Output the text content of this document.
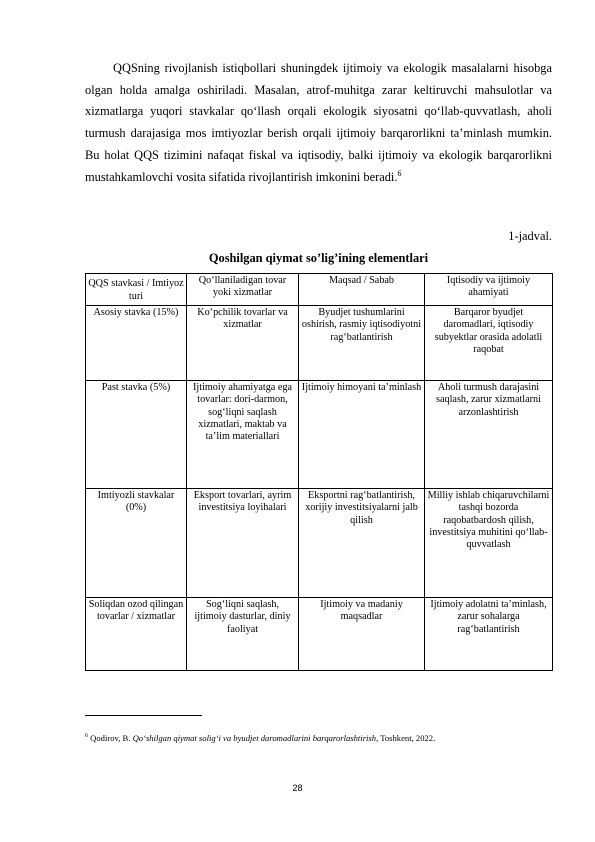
QQSning rivojlanish istiqbollari shuningdek ijtimoiy va ekologik masalalarni hisobga olgan holda amalga oshiriladi. Masalan, atrof-muhitga zarar keltiruvchi mahsulotlar va xizmatlarga yuqori stavkalar qo‘llash orqali ekologik siyosatni qo‘llab-quvvatlash, aholi turmush darajasiga mos imtiyozlar berish orqali ijtimoiy barqarorlikni ta’minlash mumkin. Bu holat QQS tizimini nafaqat fiskal va iqtisodiy, balki ijtimoiy va ekologik barqarorlikni mustahkamlovchi vosita sifatida rivojlantirish imkonini beradi.$^6$

1-jadval.
Qoshilgan qiymat so’lig’ining elementlari
QQS stavkasi / Imtiyoz turi	Qo‘llaniladigan tovar yoki xizmatlar	Maqsad / Sabab	Iqtisodiy va ijtimoiy ahamiyati
Asosiy stavka (15%)	Ko‘pchilik tovarlar va xizmatlar	Byudjet tushumlarini oshirish, rasmiy iqtisodiyotni rag‘batlantirish	Barqaror byudjet daromadlari, iqtisodiy subyektlar orasida adolatli raqobat
Past stavka (5%)	Ijtimoiy ahamiyatga ega tovarlar: dori-darmon, sog‘liqni saqlash xizmatlari, maktab va ta’lim materiallari	Ijtimoiy himoyani ta’minlash	Aholi turmush darajasini saqlash, zarur xizmatlarni arzonlashtirish
Imtiyozli stavkalar (0%)	Eksport tovarlari, ayrim investitsiya loyihalari	Eksportni rag‘batlantirish, xorijiy investitsiyalarni jalb qilish	Milliy ishlab chiqaruvchilarni tashqi bozorda raqobatbardosh qilish, investitsiya muhitini qo‘llab-quvvatlash
Soliqdan ozod qilingan tovarlar / xizmatlar	Sog‘liqni saqlash, ijtimoiy dasturlar, diniy faoliyat	Ijtimoiy va madaniy maqsadlar	Ijtimoiy adolatni ta’minlash, zarur sohalarga rag‘batlantirish
$^6$ Qodirov, B. Qo‘shilgan qiymat solig‘i va byudjet daromadlarini barqarorlashtirish, Toshkent, 2022.
28
